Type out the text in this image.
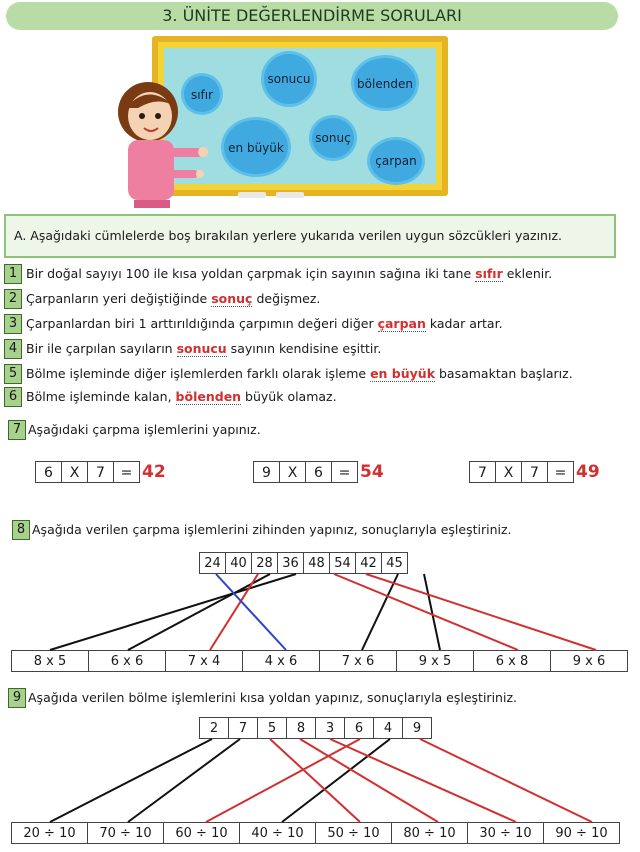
3. ÜNİTE DEĞERLENDİRME SORULARI
sıfır
sonucu	bölenden
en büyük
sonuç
çarpan
A. Aşağıdaki cümlelerde boş bırakılan yerlere yukarıda verilen uygun sözcükleri yazınız.
1 Bir doğal sayıyı 100 ile kısa yoldan çarpmak için sayının sağına iki tane sıfır eklenir.
2 Çarpanların yeri değiştiğinde sonuç değişmez.
3 Çarpanlardan biri 1 arttırıldığında çarpımın değeri diğer çarpan kadar artar.
4 Bir ile çarpılan sayıların sonucu sayının kendisine eşittir.
5 Bölme işleminde diğer işlemlerden farklı olarak işleme en büyük basamaktan başlarız.
6 Bölme işleminde kalan, bölenden büyük olamaz.
7 Aşağıdaki çarpma işlemlerini yapınız.
6	X	7	= 42	9	X	6	= 54	7	X	7	= 49
8 Aşağıda verilen çarpma işlemlerini zihinden yapınız, sonuçlarıyla eşleştiriniz.
24 40 28 36 48 54 42 45
8 x 5	6 x 6	7 x 4	4 x 6	7 x 6	9 x 5	6 x 8	9 x 6
9 Aşağıda verilen bölme işlemlerini kısa yoldan yapınız, sonuçlarıyla eşleştiriniz.
2	7	5	8	3	6	4	9
20 ÷ 10	70 ÷ 10	60 ÷ 10	40 ÷ 10	50 ÷ 10	80 ÷ 10	30 ÷ 10	90 ÷ 10
